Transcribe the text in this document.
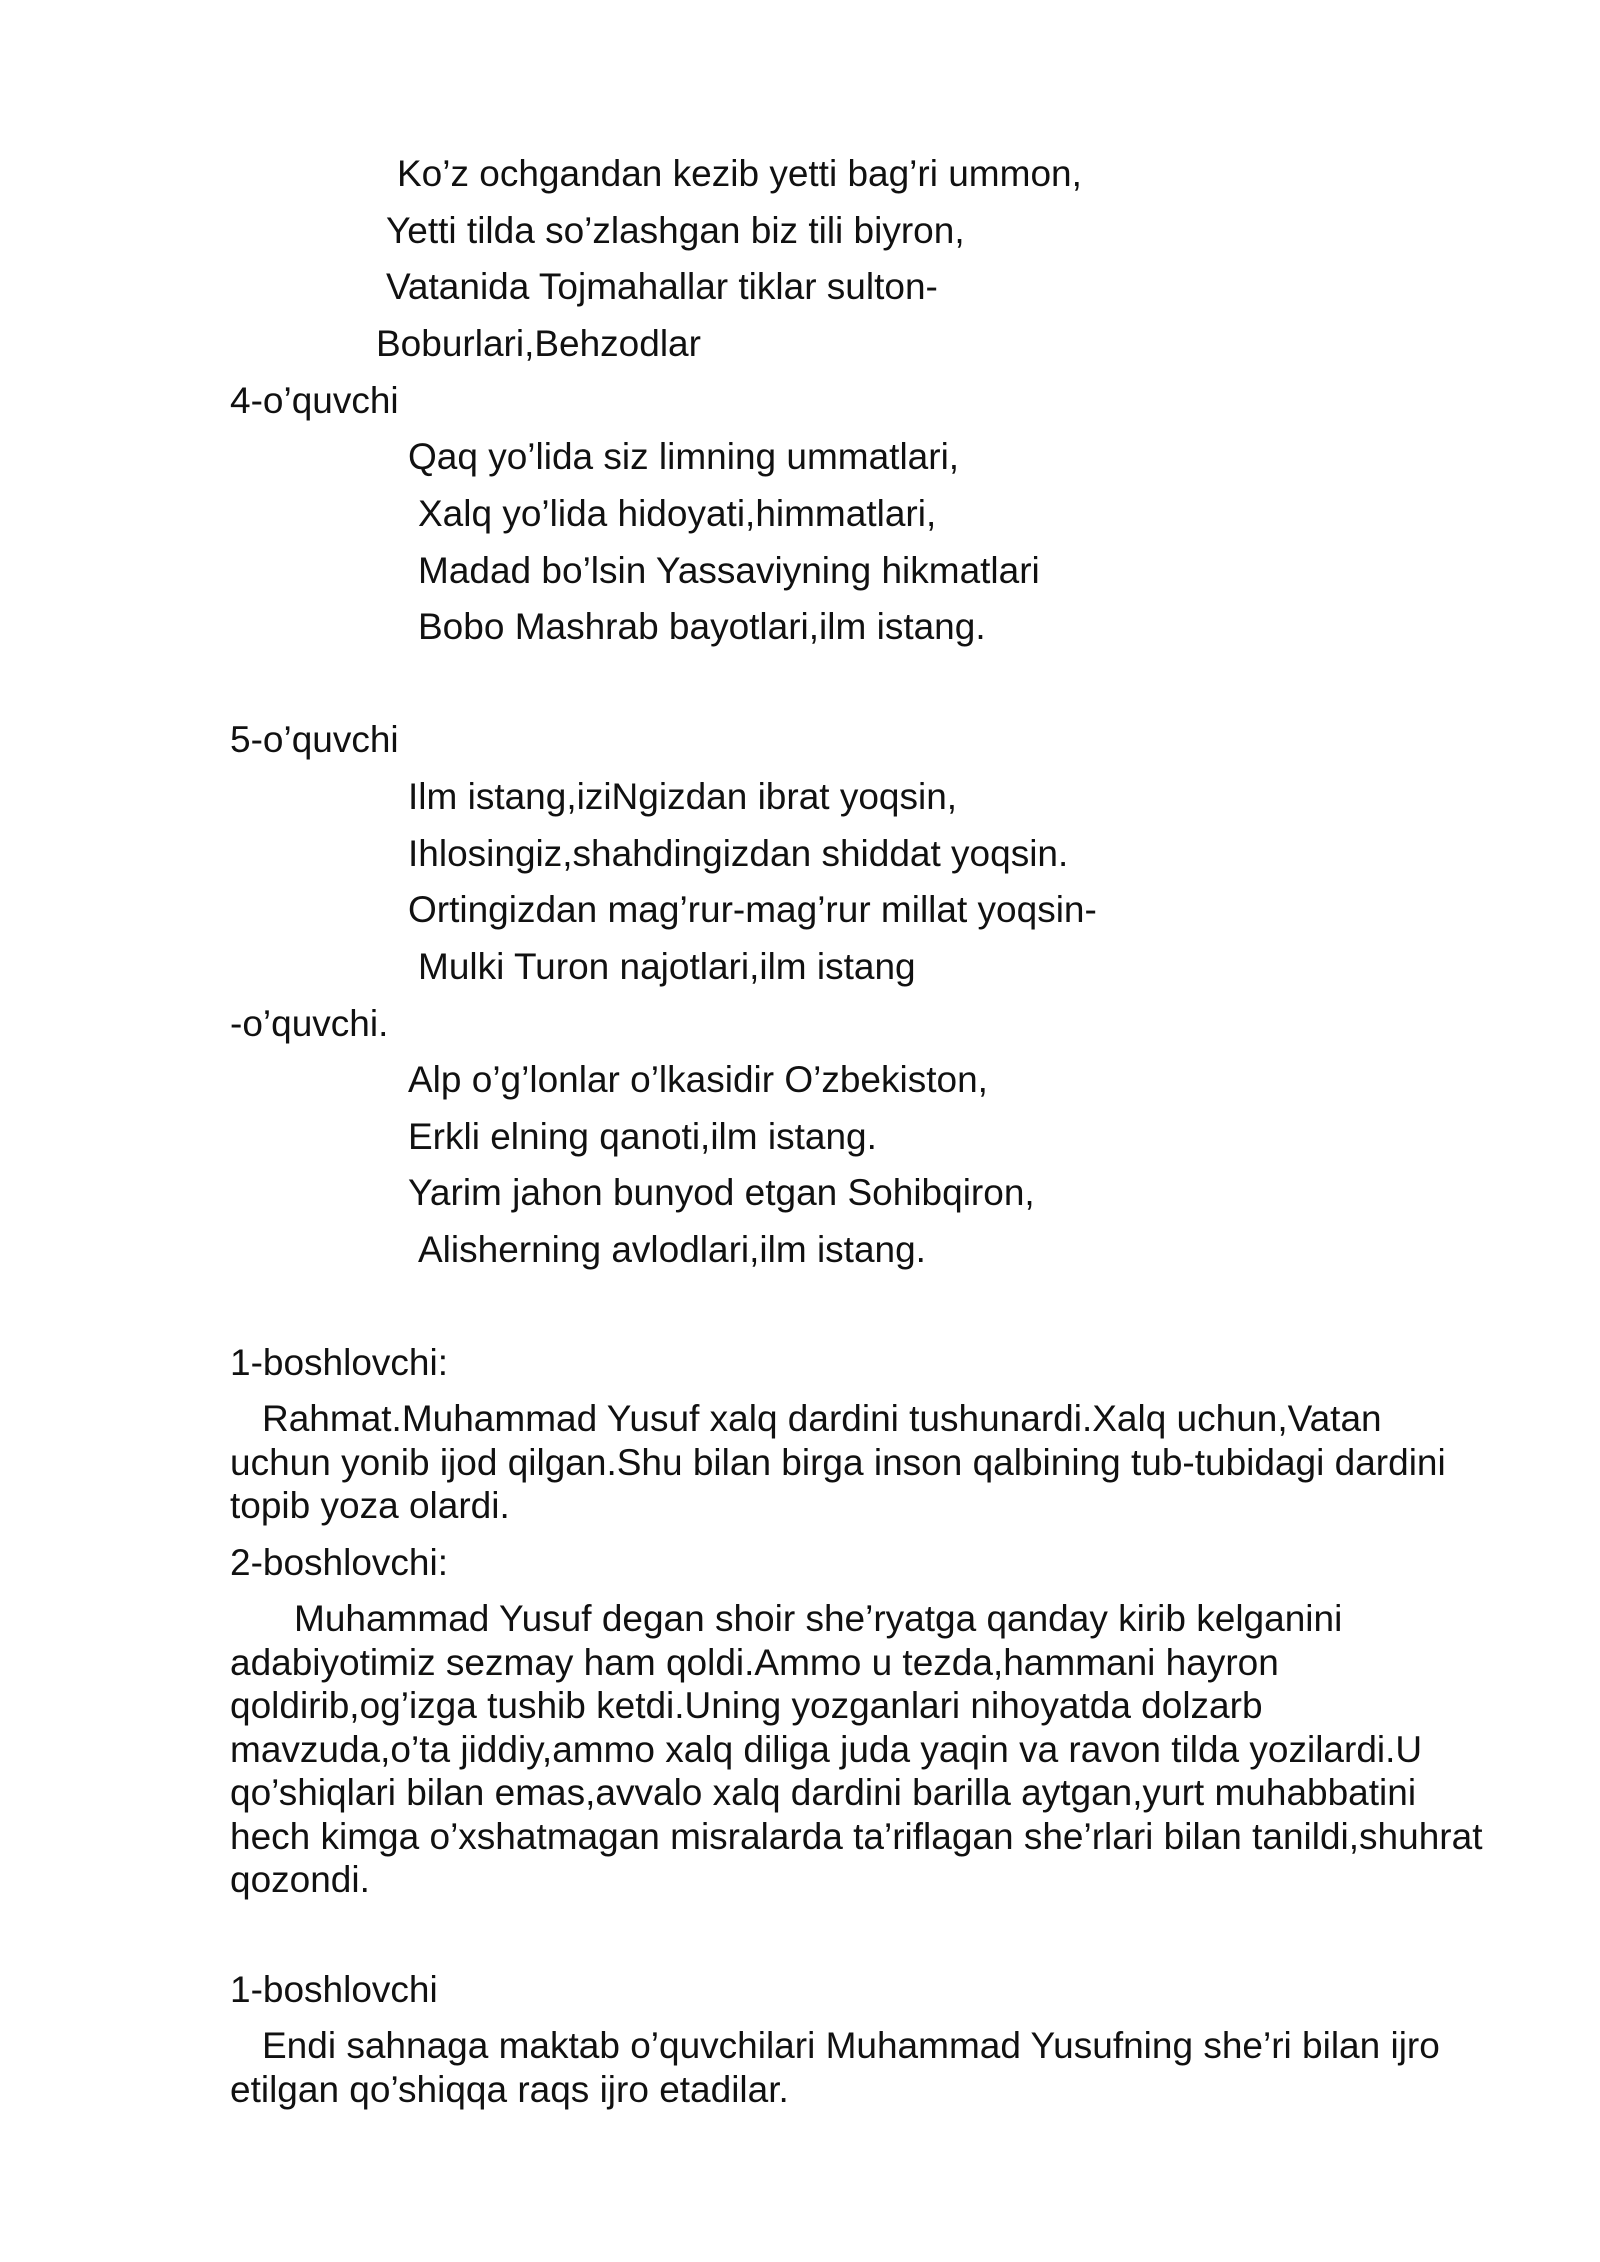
Ko’z ochgandan kezib yetti bag’ri ummon,
Yetti tilda so’zlashgan biz tili biyron,
Vatanida Tojmahallar tiklar sulton-
Boburlari,Behzodlar
4-o’quvchi
Qaq yo’lida siz limning ummatlari,
Xalq yo’lida hidoyati,himmatlari,
Madad bo’lsin Yassaviyning hikmatlari
Bobo Mashrab bayotlari,ilm istang.
5-o’quvchi
Ilm istang,iziNgizdan ibrat yoqsin,
Ihlosingiz,shahdingizdan shiddat yoqsin.
Ortingizdan mag’rur-mag’rur millat yoqsin-
Mulki Turon najotlari,ilm istang
-o’quvchi.
Alp o’g’lonlar o’lkasidir O’zbekiston,
Erkli elning qanoti,ilm istang.
Yarim jahon bunyod etgan Sohibqiron,
Alisherning avlodlari,ilm istang.
1-boshlovchi:
Rahmat.Muhammad Yusuf xalq dardini tushunardi.Xalq uchun,Vatan uchun yonib ijod qilgan.Shu bilan birga inson qalbining tub-tubidagi dardini topib yoza olardi.
2-boshlovchi:
Muhammad Yusuf degan shoir she’ryatga qanday kirib kelganini adabiyotimiz sezmay ham qoldi.Ammo u tezda,hammani hayron qoldirib,og’izga tushib ketdi.Uning yozganlari nihoyatda dolzarb mavzuda,o’ta jiddiy,ammo xalq diliga juda yaqin va ravon tilda yozilardi.U qo’shiqlari bilan emas,avvalo xalq dardini barilla aytgan,yurt muhabbatini hech kimga o’xshatmagan misralarda ta’riflagan she’rlari bilan tanildi,shuhrat qozondi.
1-boshlovchi
Endi sahnaga maktab o’quvchilari Muhammad Yusufning she’ri bilan ijro etilgan qo’shiqqa raqs ijro etadilar.
